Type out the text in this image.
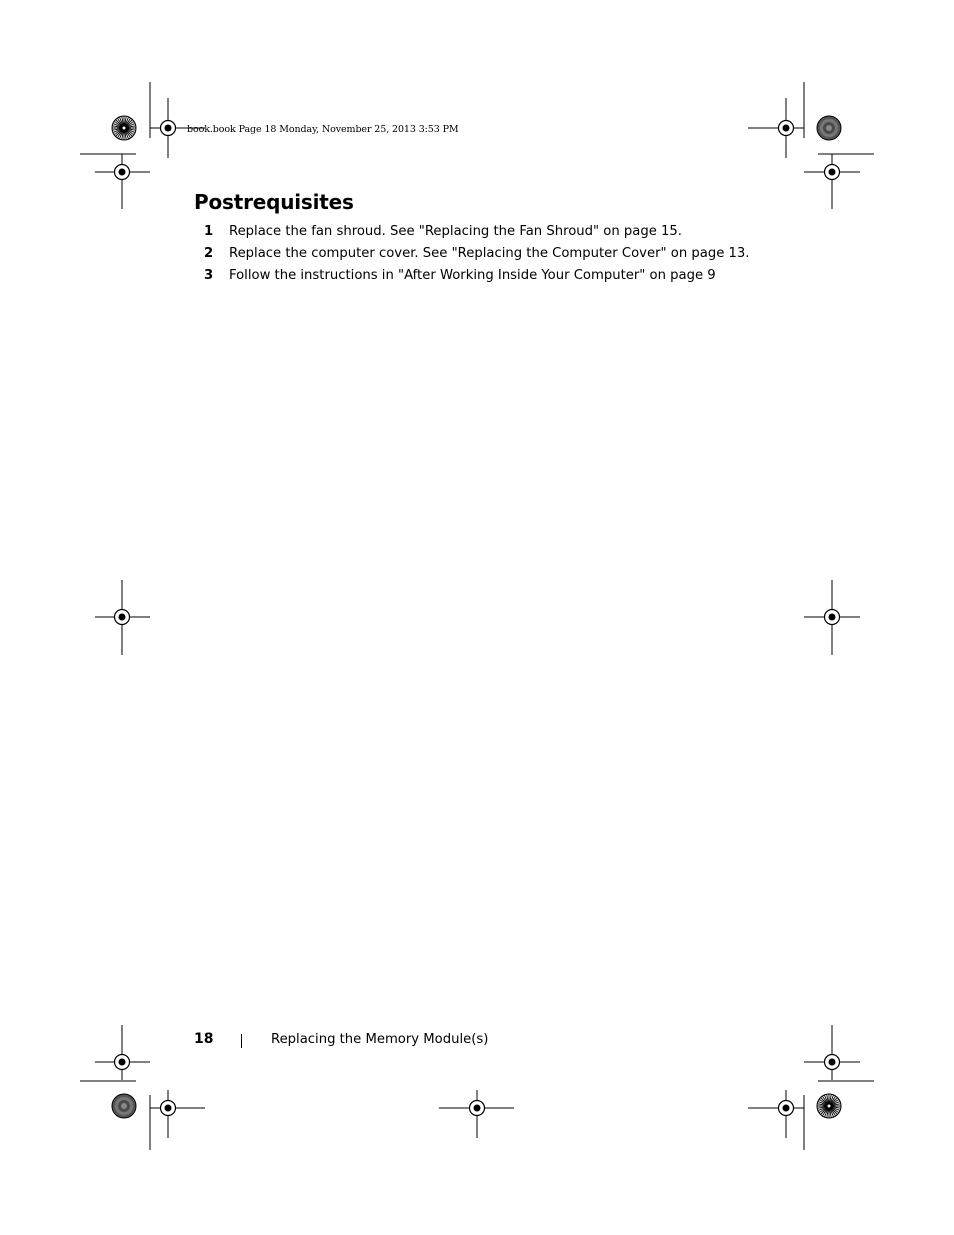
book.book Page 18 Monday, November 25, 2013 3:53 PM
Postrequisites
1	Replace the fan shroud. See "Replacing the Fan Shroud" on page 15.
2	Replace the computer cover. See "Replacing the Computer Cover" on page 13.
3	Follow the instructions in "After Working Inside Your Computer" on page 9
18	Replacing the Memory Module(s)
